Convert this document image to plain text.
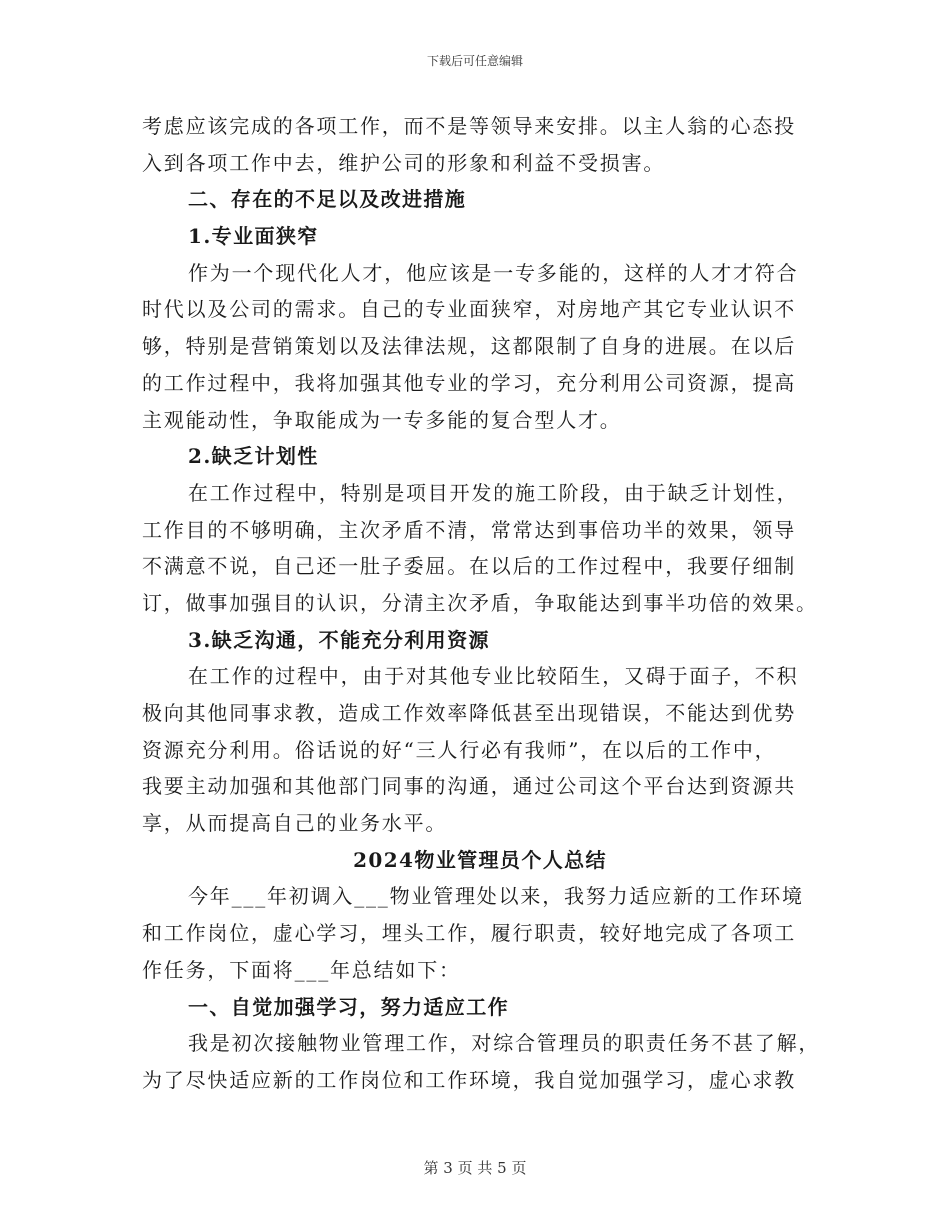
下载后可任意编辑
考虑应该完成的各项工作，而不是等领导来安排。以主人翁的心态投
入到各项工作中去，维护公司的形象和利益不受损害。
二、存在的不足以及改进措施
1.专业面狭窄
作为一个现代化人才，他应该是一专多能的，这样的人才才符合
时代以及公司的需求。自己的专业面狭窄，对房地产其它专业认识不
够，特别是营销策划以及法律法规，这都限制了自身的进展。在以后
的工作过程中，我将加强其他专业的学习，充分利用公司资源，提高
主观能动性，争取能成为一专多能的复合型人才。
2.缺乏计划性
在工作过程中，特别是项目开发的施工阶段，由于缺乏计划性，
工作目的不够明确，主次矛盾不清，常常达到事倍功半的效果，领导
不满意不说，自己还一肚子委屈。在以后的工作过程中，我要仔细制
订，做事加强目的认识，分清主次矛盾，争取能达到事半功倍的效果。
3.缺乏沟通，不能充分利用资源
在工作的过程中，由于对其他专业比较陌生，又碍于面子，不积
极向其他同事求教，造成工作效率降低甚至出现错误，不能达到优势
资源充分利用。俗话说的好“三人行必有我师”，在以后的工作中，
我要主动加强和其他部门同事的沟通，通过公司这个平台达到资源共
享，从而提高自己的业务水平。
2024物业管理员个人总结
今年___年初调入___物业管理处以来，我努力适应新的工作环境
和工作岗位，虚心学习，埋头工作，履行职责，较好地完成了各项工
作任务，下面将___年总结如下：
一、自觉加强学习，努力适应工作
我是初次接触物业管理工作，对综合管理员的职责任务不甚了解，
为了尽快适应新的工作岗位和工作环境，我自觉加强学习，虚心求教
第 3 页 共 5 页
